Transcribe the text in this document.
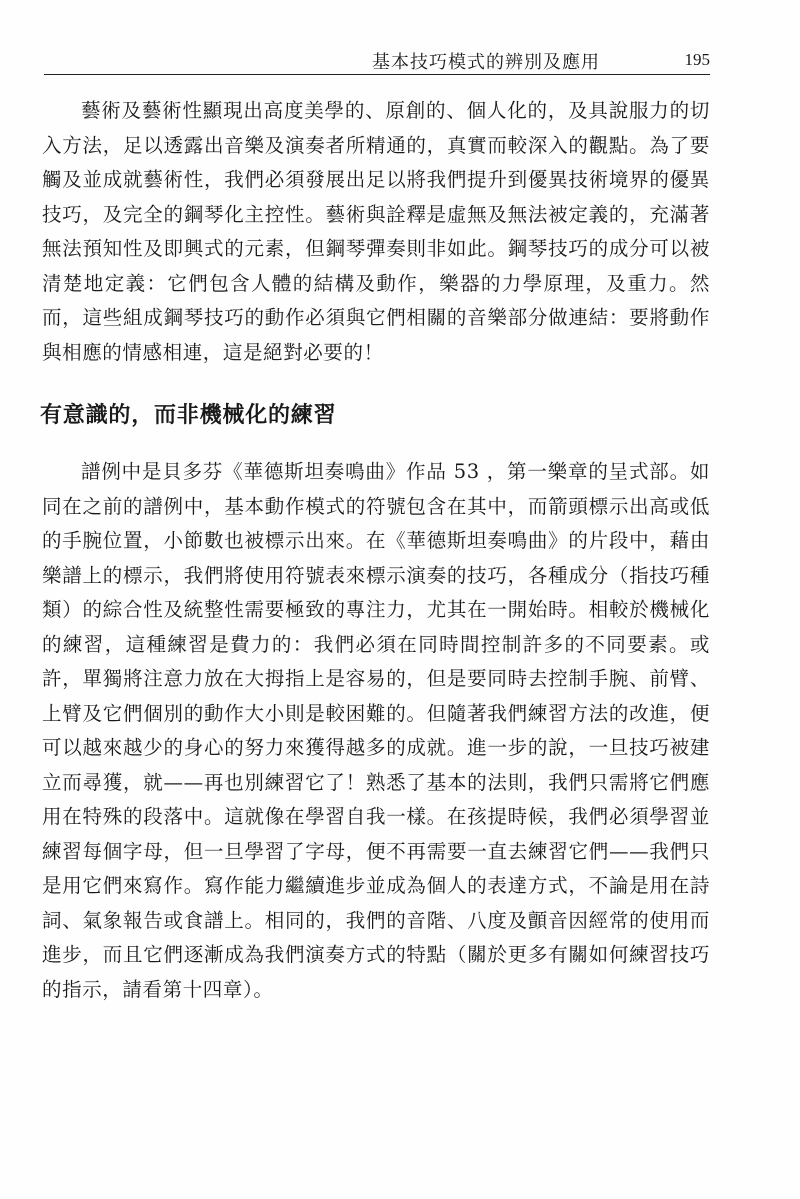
基本技巧模式的辨別及應用	195

藝術及藝術性顯現出高度美學的、原創的、個人化的，及具說服力的切入方法，足以透露出音樂及演奏者所精通的，真實而較深入的觀點。為了要觸及並成就藝術性，我們必須發展出足以將我們提升到優異技術境界的優異技巧，及完全的鋼琴化主控性。藝術與詮釋是虛無及無法被定義的，充滿著無法預知性及即興式的元素，但鋼琴彈奏則非如此。鋼琴技巧的成分可以被清楚地定義：它們包含人體的結構及動作，樂器的力學原理，及重力。然而，這些組成鋼琴技巧的動作必須與它們相關的音樂部分做連結：要將動作與相應的情感相連，這是絕對必要的！

有意識的，而非機械化的練習

譜例中是貝多芬《華德斯坦奏鳴曲》作品 53 ，第一樂章的呈式部。如同在之前的譜例中，基本動作模式的符號包含在其中，而箭頭標示出高或低的手腕位置，小節數也被標示出來。在《華德斯坦奏鳴曲》的片段中，藉由樂譜上的標示，我們將使用符號表來標示演奏的技巧，各種成分（指技巧種類）的綜合性及統整性需要極致的專注力，尤其在一開始時。相較於機械化的練習，這種練習是費力的：我們必須在同時間控制許多的不同要素。或許，單獨將注意力放在大拇指上是容易的，但是要同時去控制手腕、前臂、上臂及它們個別的動作大小則是較困難的。但隨著我們練習方法的改進，便可以越來越少的身心的努力來獲得越多的成就。進一步的說，一旦技巧被建立而尋獲，就——再也別練習它了！熟悉了基本的法則，我們只需將它們應用在特殊的段落中。這就像在學習自我一樣。在孩提時候，我們必須學習並練習每個字母，但一旦學習了字母，便不再需要一直去練習它們——我們只是用它們來寫作。寫作能力繼續進步並成為個人的表達方式，不論是用在詩詞、氣象報告或食譜上。相同的，我們的音階、八度及顫音因經常的使用而進步，而且它們逐漸成為我們演奏方式的特點（關於更多有關如何練習技巧的指示，請看第十四章）。
